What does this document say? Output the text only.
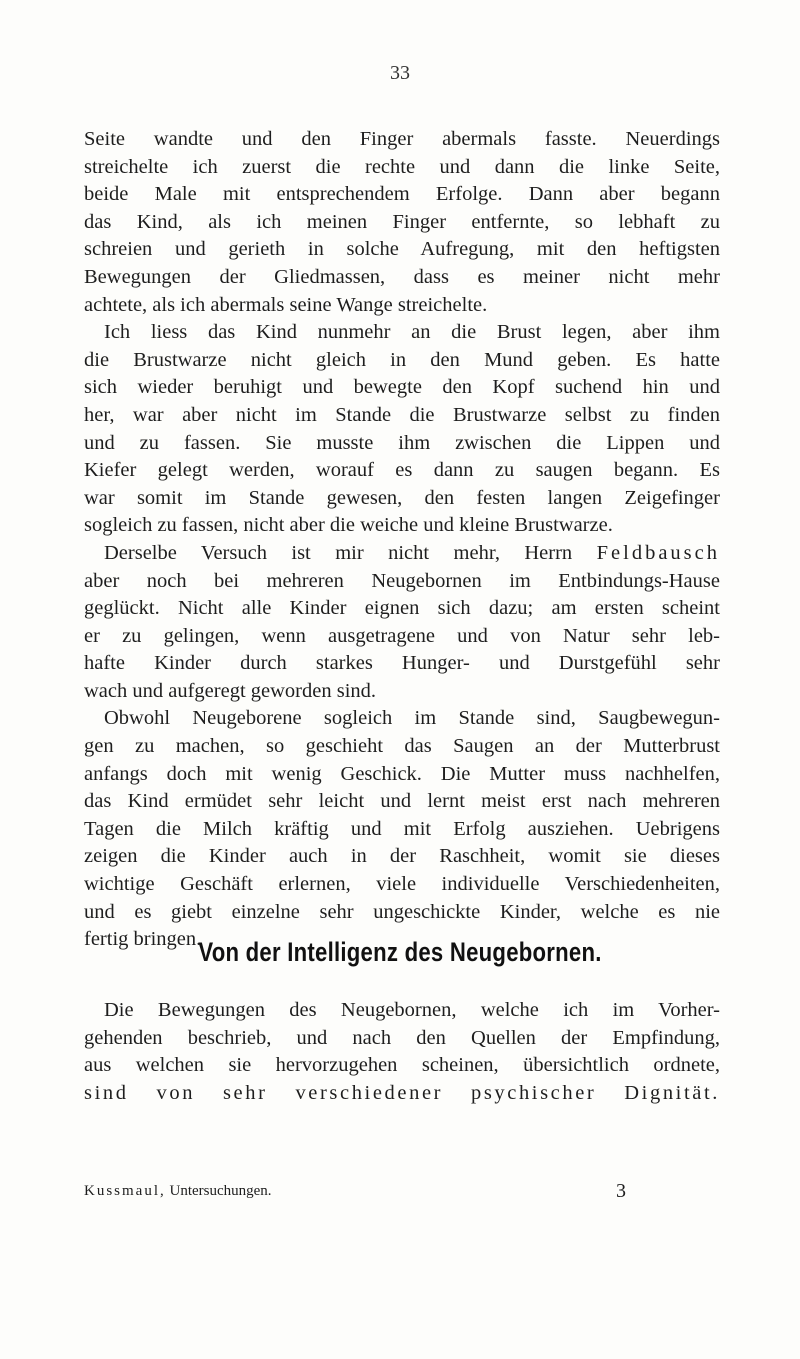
33
Seite wandte und den Finger abermals fasste. Neuerdings
streichelte ich zuerst die rechte und dann die linke Seite,
beide Male mit entsprechendem Erfolge. Dann aber begann
das Kind, als ich meinen Finger entfernte, so lebhaft zu
schreien und gerieth in solche Aufregung, mit den heftigsten
Bewegungen der Gliedmassen, dass es meiner nicht mehr
achtete, als ich abermals seine Wange streichelte.
Ich liess das Kind nunmehr an die Brust legen, aber ihm
die Brustwarze nicht gleich in den Mund geben. Es hatte
sich wieder beruhigt und bewegte den Kopf suchend hin und
her, war aber nicht im Stande die Brustwarze selbst zu finden
und zu fassen. Sie musste ihm zwischen die Lippen und
Kiefer gelegt werden, worauf es dann zu saugen begann. Es
war somit im Stande gewesen, den festen langen Zeigefinger
sogleich zu fassen, nicht aber die weiche und kleine Brustwarze.
Derselbe Versuch ist mir nicht mehr, Herrn Feldbausch
aber noch bei mehreren Neugebornen im Entbindungs-Hause
geglückt. Nicht alle Kinder eignen sich dazu; am ersten scheint
er zu gelingen, wenn ausgetragene und von Natur sehr leb-
hafte Kinder durch starkes Hunger- und Durstgefühl sehr
wach und aufgeregt geworden sind.
Obwohl Neugeborene sogleich im Stande sind, Saugbewegun-
gen zu machen, so geschieht das Saugen an der Mutterbrust
anfangs doch mit wenig Geschick. Die Mutter muss nachhelfen,
das Kind ermüdet sehr leicht und lernt meist erst nach mehreren
Tagen die Milch kräftig und mit Erfolg ausziehen. Uebrigens
zeigen die Kinder auch in der Raschheit, womit sie dieses
wichtige Geschäft erlernen, viele individuelle Verschiedenheiten,
und es giebt einzelne sehr ungeschickte Kinder, welche es nie
fertig bringen.
Von der Intelligenz des Neugebornen.
Die Bewegungen des Neugebornen, welche ich im Vorher-
gehenden beschrieb, und nach den Quellen der Empfindung,
aus welchen sie hervorzugehen scheinen, übersichtlich ordnete,
sind von sehr verschiedener psychischer Dignität.
Kussmaul, Untersuchungen.	3
